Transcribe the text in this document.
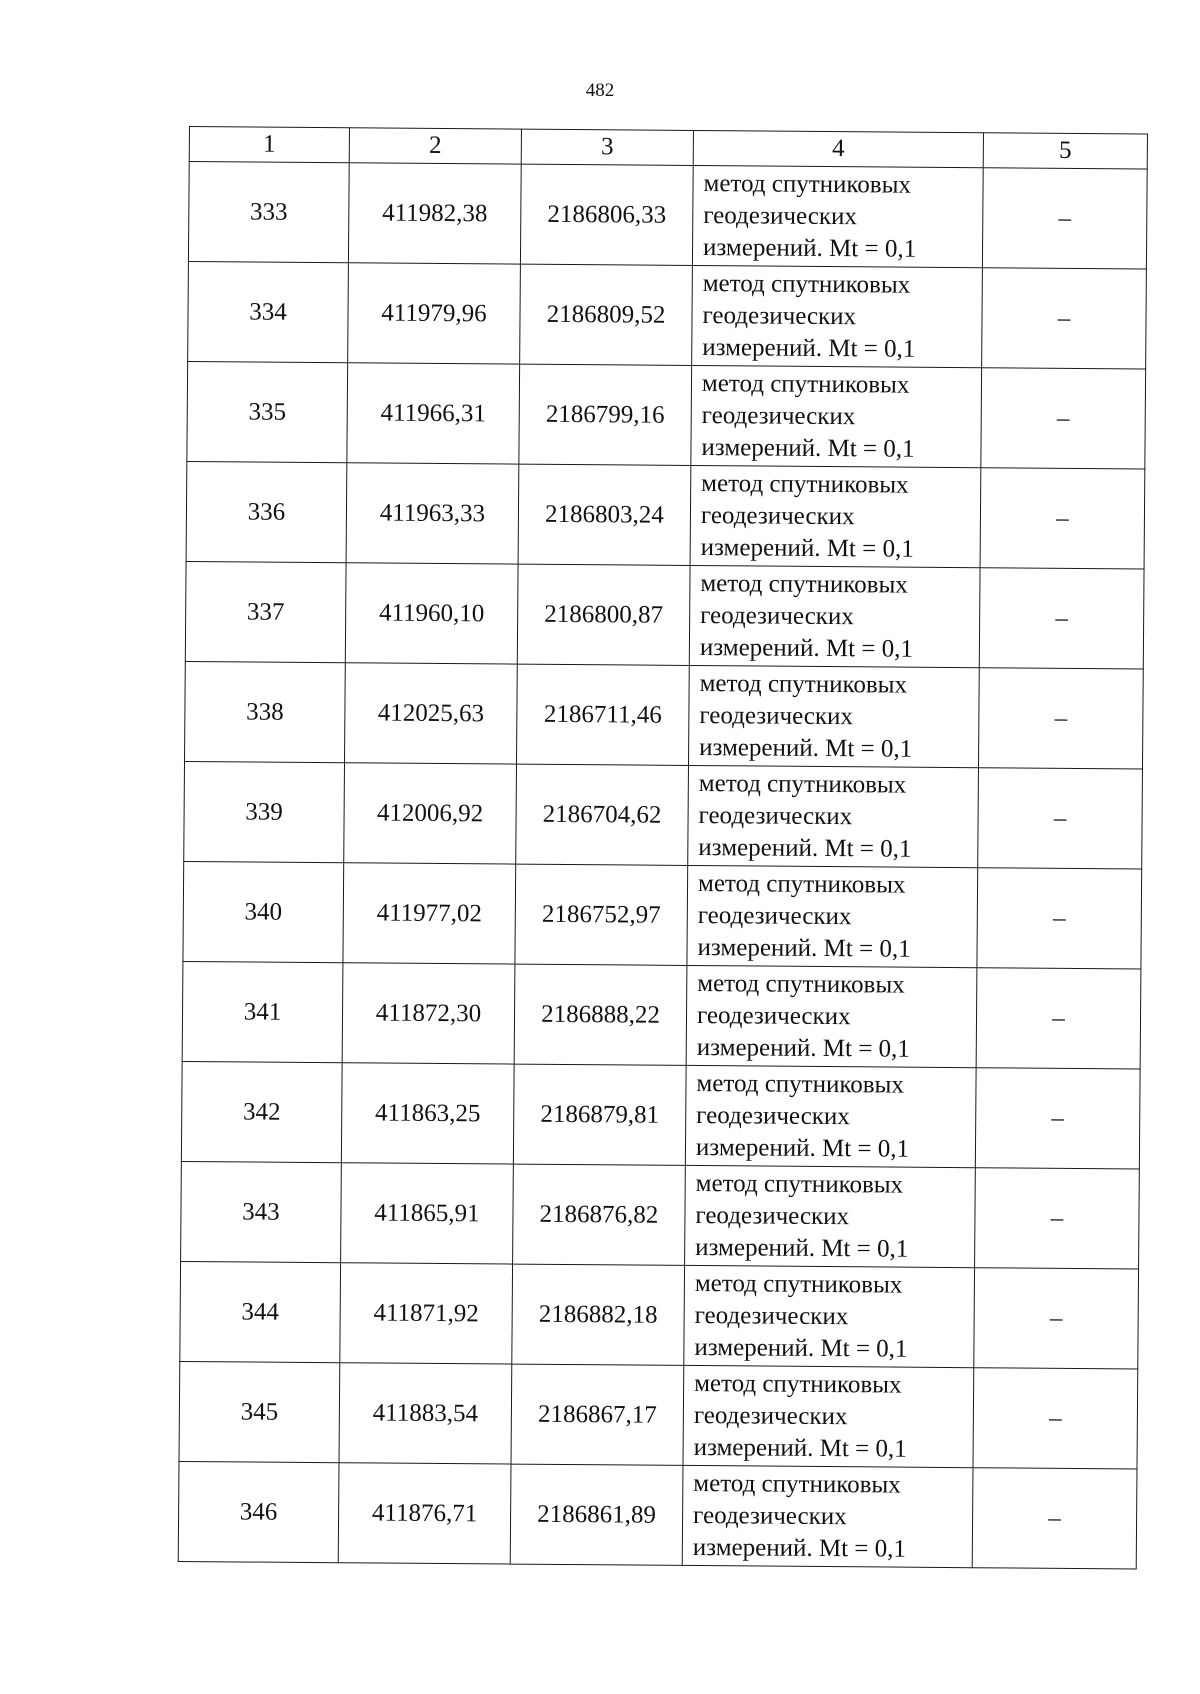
482
1	2	3	4	5
333	411982,38	2186806,33	метод спутниковых
геодезических
измерений. Mt = 0,1	–
334	411979,96	2186809,52	метод спутниковых
геодезических
измерений. Mt = 0,1	–
335	411966,31	2186799,16	метод спутниковых
геодезических
измерений. Mt = 0,1	–
336	411963,33	2186803,24	метод спутниковых
геодезических
измерений. Mt = 0,1	–
337	411960,10	2186800,87	метод спутниковых
геодезических
измерений. Mt = 0,1	–
338	412025,63	2186711,46	метод спутниковых
геодезических
измерений. Mt = 0,1	–
339	412006,92	2186704,62	метод спутниковых
геодезических
измерений. Mt = 0,1	–
340	411977,02	2186752,97	метод спутниковых
геодезических
измерений. Mt = 0,1	–
341	411872,30	2186888,22	метод спутниковых
геодезических
измерений. Mt = 0,1	–
342	411863,25	2186879,81	метод спутниковых
геодезических
измерений. Mt = 0,1	–
343	411865,91	2186876,82	метод спутниковых
геодезических
измерений. Mt = 0,1	–
344	411871,92	2186882,18	метод спутниковых
геодезических
измерений. Mt = 0,1	–
345	411883,54	2186867,17	метод спутниковых
геодезических
измерений. Mt = 0,1	–
346	411876,71	2186861,89	метод спутниковых
геодезических
измерений. Mt = 0,1	–
